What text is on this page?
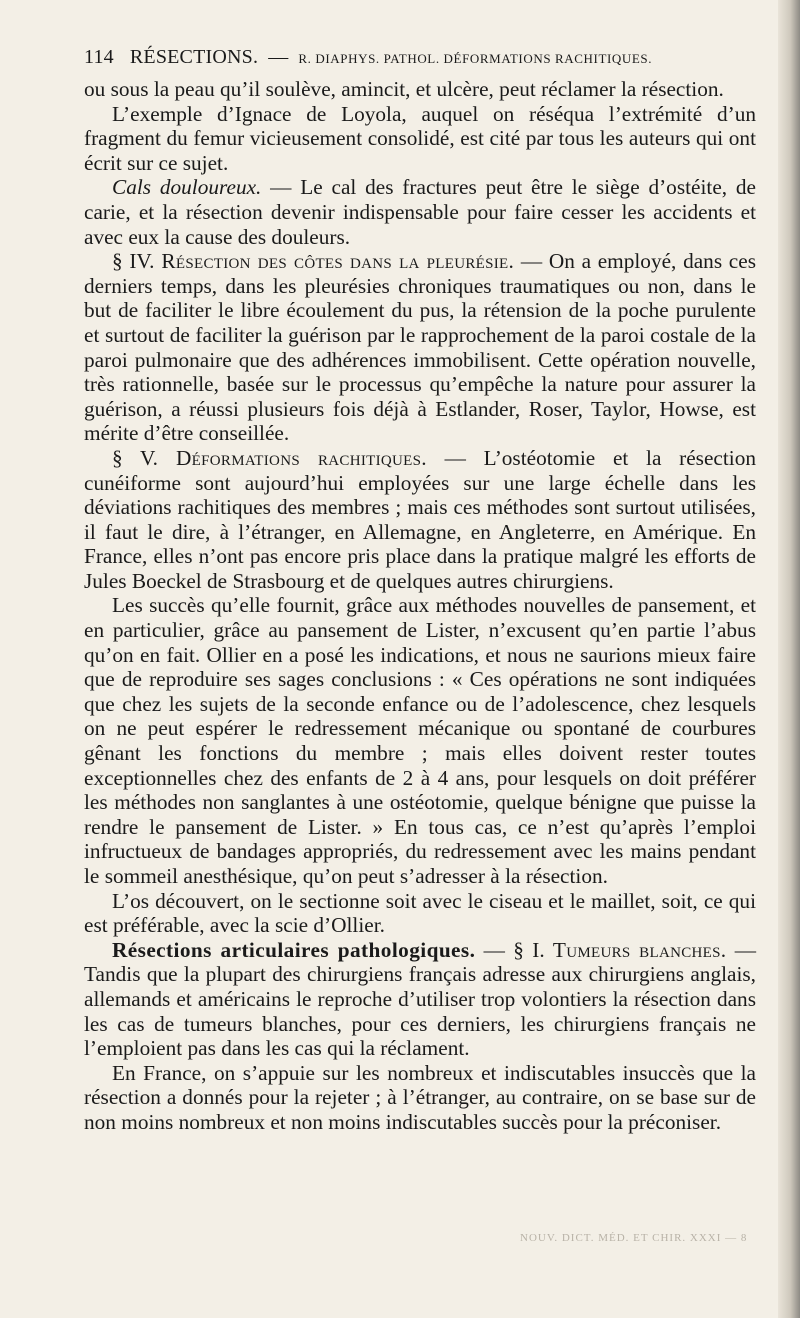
114 RÉSECTIONS. — R. DIAPHYS. PATHOL. DÉFORMATIONS RACHITIQUES.

ou sous la peau qu’il soulève, amincit, et ulcère, peut réclamer la résection.

L’exemple d’Ignace de Loyola, auquel on réséqua l’extrémité d’un fragment du femur vicieusement consolidé, est cité par tous les auteurs qui ont écrit sur ce sujet.

Cals douloureux. — Le cal des fractures peut être le siège d’ostéite, de carie, et la résection devenir indispensable pour faire cesser les accidents et avec eux la cause des douleurs.

§ IV. Résection des côtes dans la pleurésie. — On a employé, dans ces derniers temps, dans les pleurésies chroniques traumatiques ou non, dans le but de faciliter le libre écoulement du pus, la rétension de la poche purulente et surtout de faciliter la guérison par le rapprochement de la paroi costale de la paroi pulmonaire que des adhérences immobilisent. Cette opération nouvelle, très rationnelle, basée sur le processus qu’empêche la nature pour assurer la guérison, a réussi plusieurs fois déjà à Estlander, Roser, Taylor, Howse, est mérite d’être conseillée.

§ V. Déformations rachitiques. — L’ostéotomie et la résection cunéiforme sont aujourd’hui employées sur une large échelle dans les déviations rachitiques des membres ; mais ces méthodes sont surtout utilisées, il faut le dire, à l’étranger, en Allemagne, en Angleterre, en Amérique. En France, elles n’ont pas encore pris place dans la pratique malgré les efforts de Jules Boeckel de Strasbourg et de quelques autres chirurgiens.

Les succès qu’elle fournit, grâce aux méthodes nouvelles de pansement, et en particulier, grâce au pansement de Lister, n’excusent qu’en partie l’abus qu’on en fait. Ollier en a posé les indications, et nous ne saurions mieux faire que de reproduire ses sages conclusions : « Ces opérations ne sont indiquées que chez les sujets de la seconde enfance ou de l’adolescence, chez lesquels on ne peut espérer le redressement mécanique ou spontané de courbures gênant les fonctions du membre ; mais elles doivent rester toutes exceptionnelles chez des enfants de 2 à 4 ans, pour lesquels on doit préférer les méthodes non sanglantes à une ostéotomie, quelque bénigne que puisse la rendre le pansement de Lister. » En tous cas, ce n’est qu’après l’emploi infructueux de bandages appropriés, du redressement avec les mains pendant le sommeil anesthésique, qu’on peut s’adresser à la résection.

L’os découvert, on le sectionne soit avec le ciseau et le maillet, soit, ce qui est préférable, avec la scie d’Ollier.

Résections articulaires pathologiques. — § I. Tumeurs blanches. — Tandis que la plupart des chirurgiens français adresse aux chirurgiens anglais, allemands et américains le reproche d’utiliser trop volontiers la résection dans les cas de tumeurs blanches, pour ces derniers, les chirurgiens français ne l’emploient pas dans les cas qui la réclament.

En France, on s’appuie sur les nombreux et indiscutables insuccès que la résection a donnés pour la rejeter ; à l’étranger, au contraire, on se base sur de non moins nombreux et non moins indiscutables succès pour la préconiser.

NOUV. DICT. MÉD. ET CHIR. XXXI — 8
